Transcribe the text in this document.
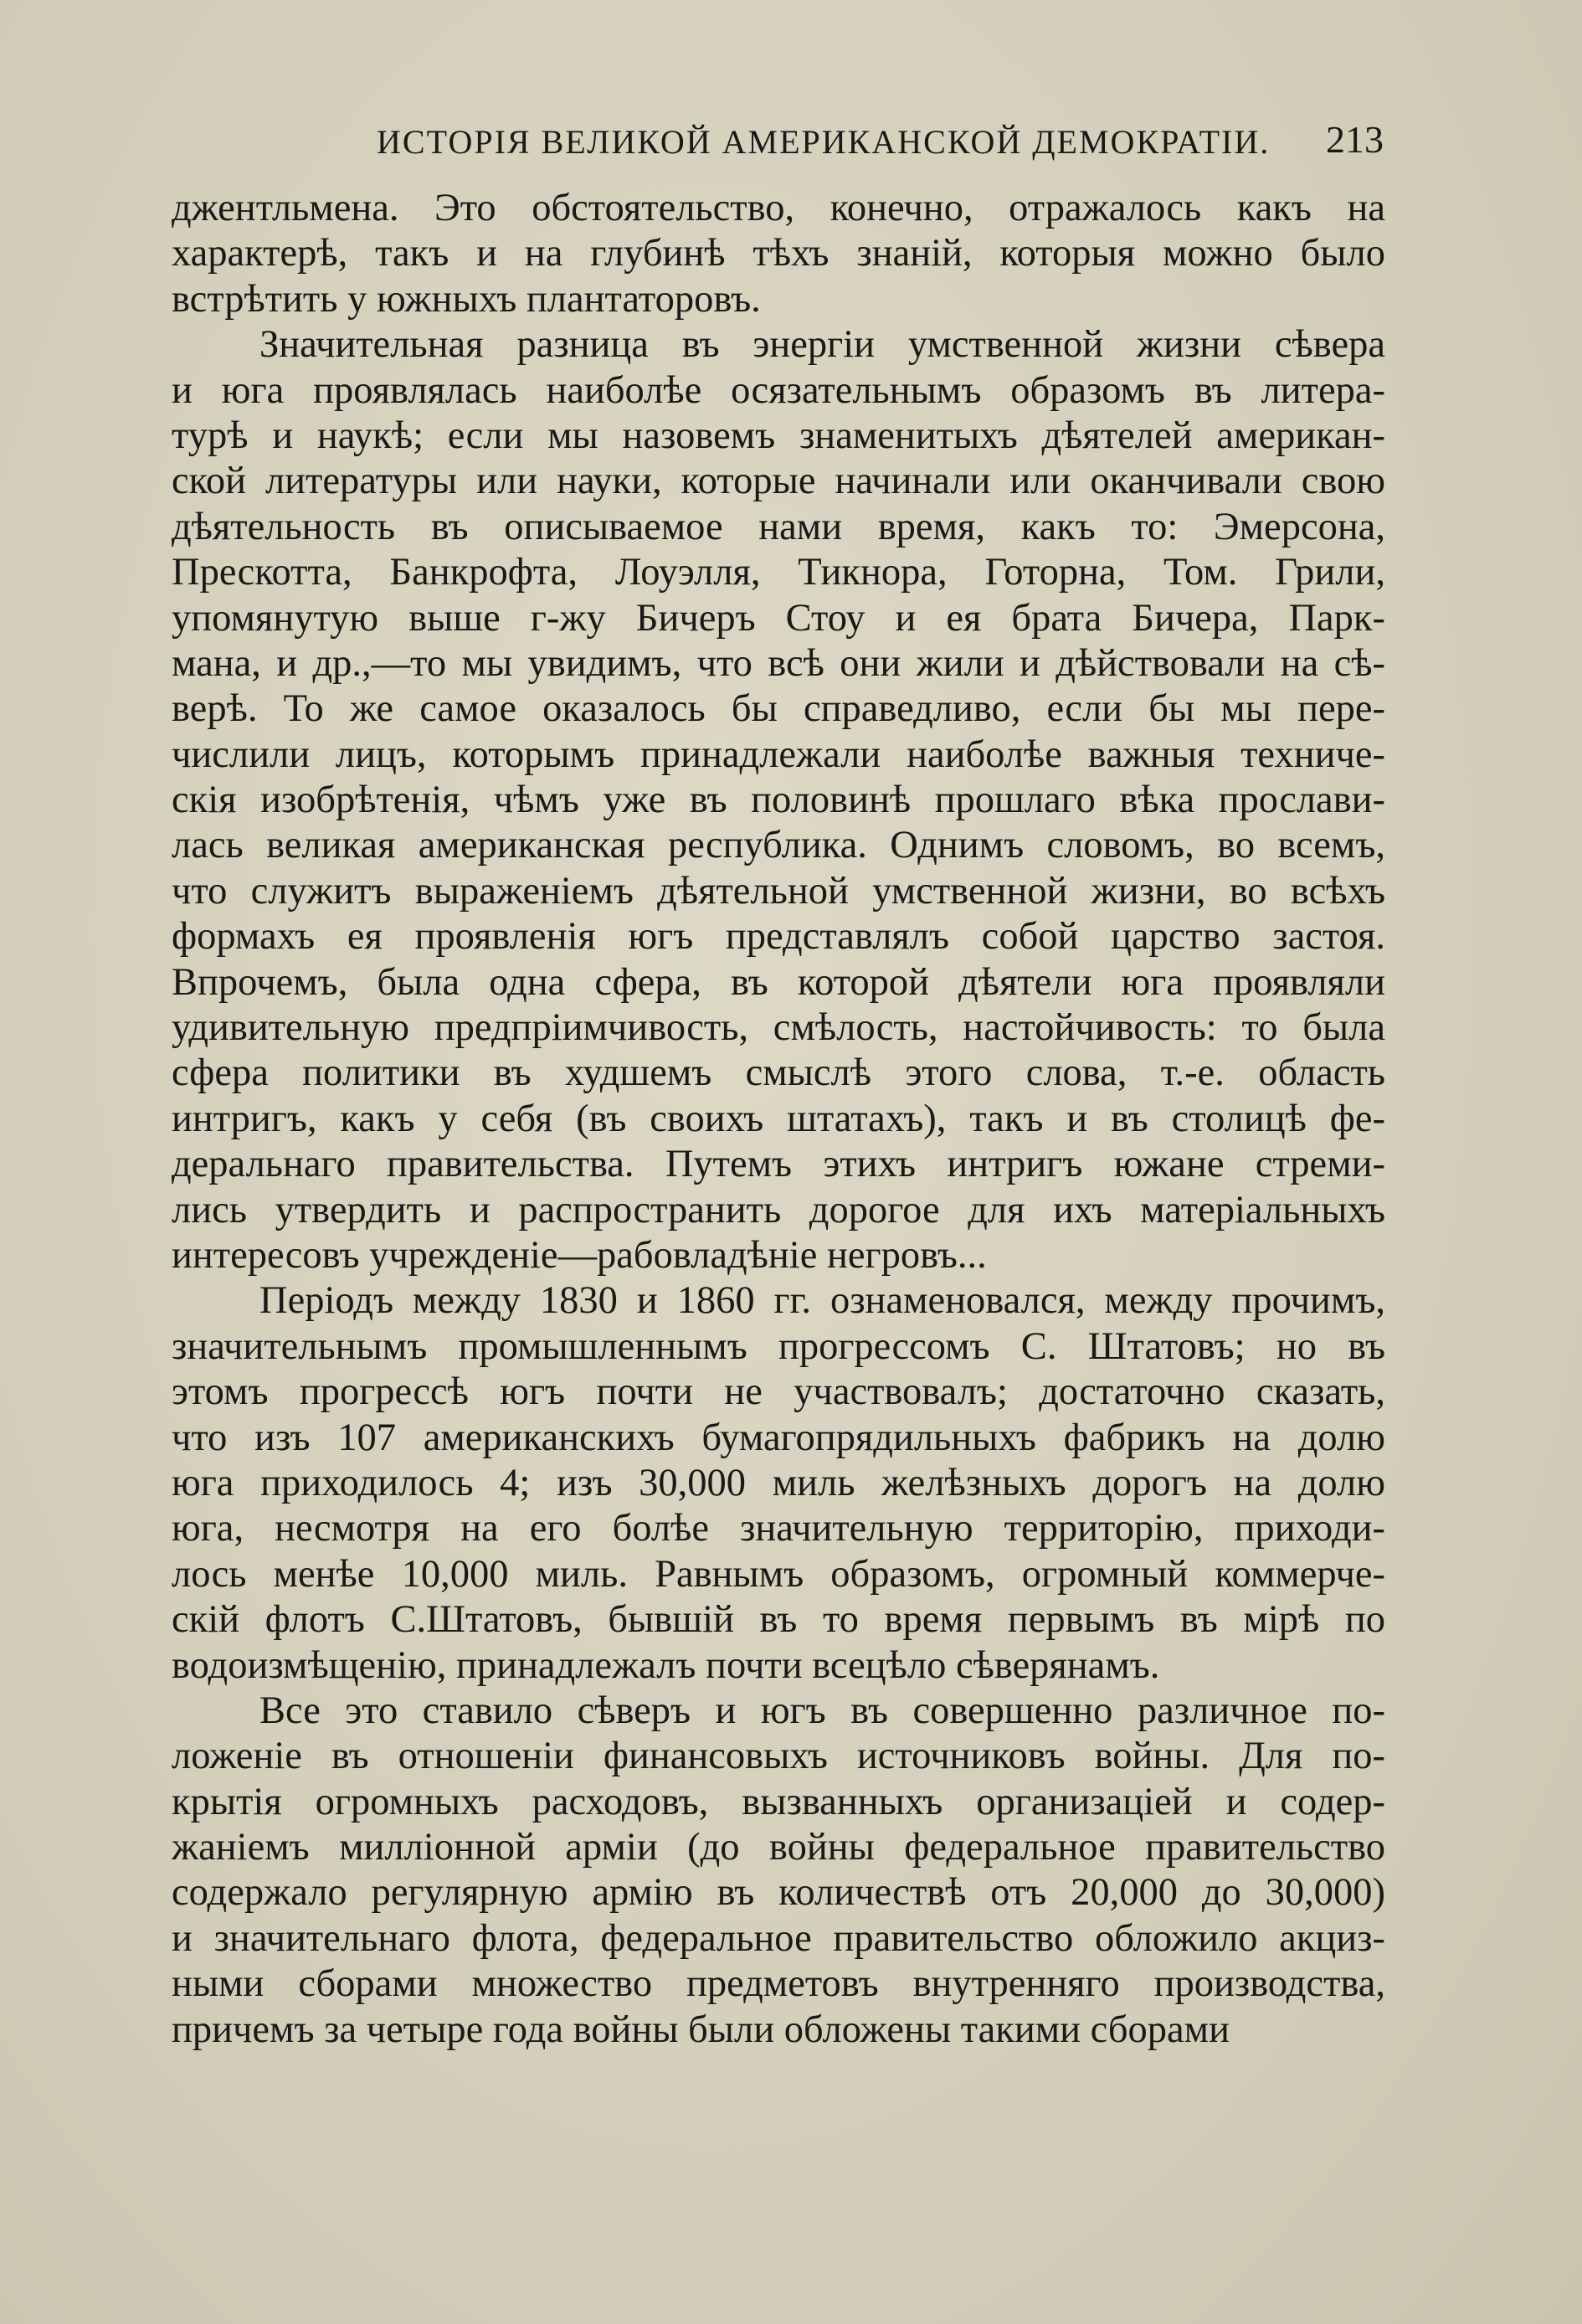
ИСТОРІЯ ВЕЛИКОЙ АМЕРИКАНСКОЙ ДЕМОКРАТІИ. 213
джентльмена. Это обстоятельство, конечно, отражалось какъ на
характерѣ, такъ и на глубинѣ тѣхъ знаній, которыя можно было
встрѣтить у южныхъ плантаторовъ.
Значительная разница въ энергіи умственной жизни сѣвера
и юга проявлялась наиболѣе осязательнымъ образомъ въ литера-
турѣ и наукѣ; если мы назовемъ знаменитыхъ дѣятелей американ-
ской литературы или науки, которые начинали или оканчивали свою
дѣятельность въ описываемое нами время, какъ то: Эмерсона,
Прескотта, Банкрофта, Лоуэлля, Тикнора, Готорна, Том. Грили,
упомянутую выше г-жу Бичеръ Стоу и ея брата Бичера, Парк-
мана, и др.,—то мы увидимъ, что всѣ они жили и дѣйствовали на сѣ-
верѣ. То же самое оказалось бы справедливо, если бы мы пере-
числили лицъ, которымъ принадлежали наиболѣе важныя техниче-
скія изобрѣтенія, чѣмъ уже въ половинѣ прошлаго вѣка прослави-
лась великая американская республика. Однимъ словомъ, во всемъ,
что служитъ выраженіемъ дѣятельной умственной жизни, во всѣхъ
формахъ ея проявленія югъ представлялъ собой царство застоя.
Впрочемъ, была одна сфера, въ которой дѣятели юга проявляли
удивительную предпріимчивость, смѣлость, настойчивость: то была
сфера политики въ худшемъ смыслѣ этого слова, т.-е. область
интригъ, какъ у себя (въ своихъ штатахъ), такъ и въ столицѣ фе-
деральнаго правительства. Путемъ этихъ интригъ южане стреми-
лись утвердить и распространить дорогое для ихъ матеріальныхъ
интересовъ учрежденіе—рабовладѣніе негровъ...
Періодъ между 1830 и 1860 гг. ознаменовался, между прочимъ,
значительнымъ промышленнымъ прогрессомъ С. Штатовъ; но въ
этомъ прогрессѣ югъ почти не участвовалъ; достаточно сказать,
что изъ 107 американскихъ бумагопрядильныхъ фабрикъ на долю
юга приходилось 4; изъ 30,000 миль желѣзныхъ дорогъ на долю
юга, несмотря на его болѣе значительную территорію, приходи-
лось менѣе 10,000 миль. Равнымъ образомъ, огромный коммерче-
скій флотъ С.Штатовъ, бывшій въ то время первымъ въ мірѣ по
водоизмѣщенію, принадлежалъ почти всецѣло сѣверянамъ.
Все это ставило сѣверъ и югъ въ совершенно различное по-
ложеніе въ отношеніи финансовыхъ источниковъ войны. Для по-
крытія огромныхъ расходовъ, вызванныхъ организаціей и содер-
жаніемъ милліонной арміи (до войны федеральное правительство
содержало регулярную армію въ количествѣ отъ 20,000 до 30,000)
и значительнаго флота, федеральное правительство обложило акциз-
ными сборами множество предметовъ внутренняго производства,
причемъ за четыре года войны были обложены такими сборами
